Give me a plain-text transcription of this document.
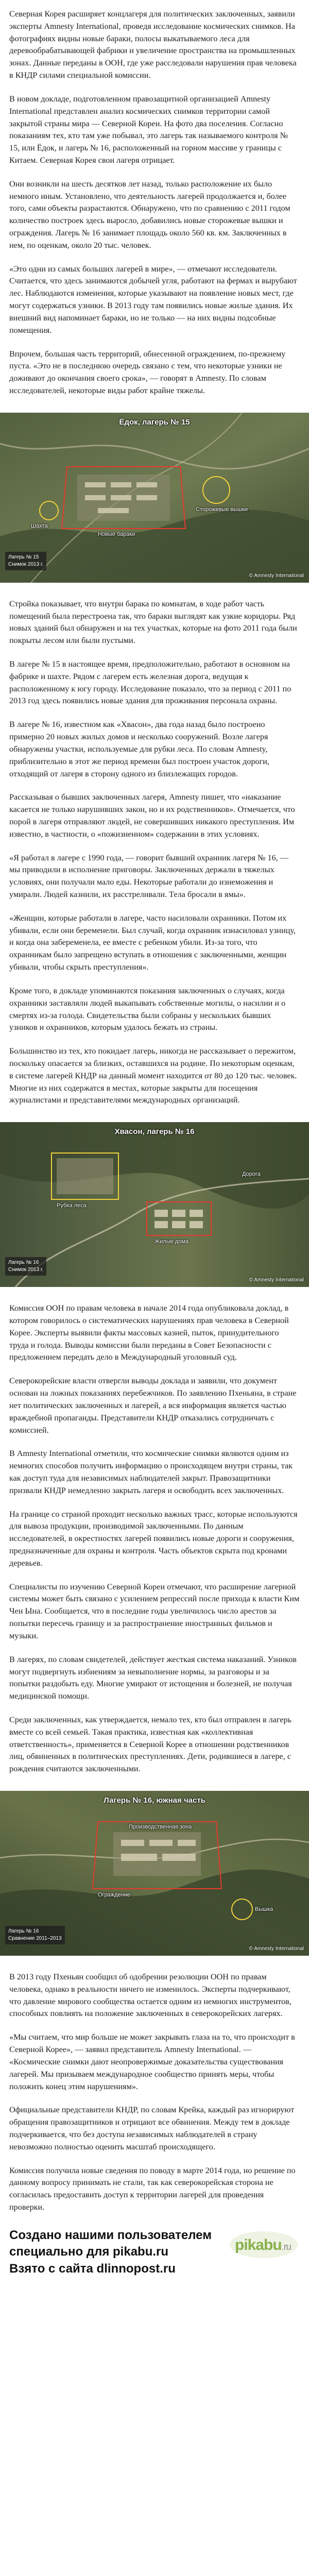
Северная Корея расширяет концлагеря для политических заключенных, заявили эксперты Amnesty International, проведя исследование космических снимков. На фотографиях видны новые бараки, полосы выкатываемого леса для деревообрабатывающей фабрики и увеличение пространства на промышленных зонах. Данные переданы в ООН, где уже расследовали нарушения прав человека в КНДР силами специальной комиссии.

В новом докладе, подготовленном правозащитной организацией Amnesty International представлен анализ космических снимков территории самой закрытой страны мира — Северной Кореи. На фото два поселения. Согласно показаниям тех, кто там уже побывал, это лагерь так называемого контроля № 15, или Ёдок, и лагерь № 16, расположенный на горном массиве у границы с Китаем. Северная Корея свои лагеря отрицает.

Они возникли на шесть десятков лет назад, только расположение их было немного иным. Установлено, что деятельность лагерей продолжается и, более того, сами объекты разрастаются. Обнаружено, что по сравнению с 2011 годом количество построек здесь выросло, добавились новые сторожевые вышки и ограждения. Лагерь № 16 занимает площадь около 560 кв. км. Заключенных в нем, по оценкам, около 20 тыс. человек.

«Это одни из самых больших лагерей в мире», — отмечают исследователи. Считается, что здесь занимаются добычей угля, работают на фермах и вырубают лес. Наблюдаются изменения, которые указывают на появление новых мест, где могут содержаться узники. В 2013 году там появились новые жилые здания. Их внешний вид напоминает бараки, но не только — на них видны подсобные помещения.

Впрочем, большая часть территорий, обнесенной ограждением, по-прежнему пуста. «Это не в последнюю очередь связано с тем, что некоторые узники не доживают до окончания своего срока», — говорят в Amnesty. По словам исследователей, некоторые виды работ крайне тяжелы.

Ёдок, лагерь № 15
Сторожевые вышки
Новые бараки
Шахта
Лагерь № 15
Снимок 2013 г.
© Amnesty International

Стройка показывает, что внутри барака по комнатам, в ходе работ часть помещений была перестроена так, что бараки выглядят как узкие коридоры. Ряд новых зданий был обнаружен и на тех участках, которые на фото 2011 года были покрыты лесом или были пустыми.

В лагере № 15 в настоящее время, предположительно, работают в основном на фабрике и шахте. Рядом с лагерем есть железная дорога, ведущая к расположенному к югу городу. Исследование показало, что за период с 2011 по 2013 год здесь появились новые здания для проживания персонала охраны.

В лагере № 16, известном как «Хвасон», два года назад было построено примерно 20 новых жилых домов и несколько сооружений. Возле лагеря обнаружены участки, используемые для рубки леса. По словам Amnesty, приблизительно в этот же период времени был построен участок дороги, отходящий от лагеря в сторону одного из близлежащих городов.

Рассказывая о бывших заключенных лагеря, Amnesty пишет, что «наказание касается не только нарушивших закон, но и их родственников». Отмечается, что порой в лагеря отправляют людей, не совершивших никакого преступления. Им известно, в частности, о «пожизненном» содержании в этих условиях.

«Я работал в лагере с 1990 года, — говорит бывший охранник лагеря № 16, — мы приводили в исполнение приговоры. Заключенных держали в тяжелых условиях, они получали мало еды. Некоторые работали до изнеможения и умирали. Людей казнили, их расстреливали. Тела бросали в ямы».

«Женщин, которые работали в лагере, часто насиловали охранники. Потом их убивали, если они беременели. Был случай, когда охранник изнасиловал узницу, и когда она забеременела, ее вместе с ребенком убили. Из-за того, что охранникам было запрещено вступать в отношения с заключенными, женщин убивали, чтобы скрыть преступления».

Кроме того, в докладе упоминаются показания заключенных о случаях, когда охранники заставляли людей выкапывать собственные могилы, о насилии и о смертях из-за голода. Свидетельства были собраны у нескольких бывших узников и охранников, которым удалось бежать из страны.

Большинство из тех, кто покидает лагерь, никогда не рассказывает о пережитом, поскольку опасается за близких, оставшихся на родине. По некоторым оценкам, в системе лагерей КНДР на данный момент находится от 80 до 120 тыс. человек. Многие из них содержатся в местах, которые закрыты для посещения журналистами и представителями международных организаций.

Хвасон, лагерь № 16
Жилые дома
Рубка леса
Дорога
Лагерь № 16
Снимок 2013 г.
© Amnesty International

Комиссия ООН по правам человека в начале 2014 года опубликовала доклад, в котором говорилось о систематических нарушениях прав человека в Северной Корее. Эксперты выявили факты массовых казней, пыток, принудительного труда и голода. Выводы комиссии были переданы в Совет Безопасности с предложением передать дело в Международный уголовный суд.

Северокорейские власти отвергли выводы доклада и заявили, что документ основан на ложных показаниях перебежчиков. По заявлению Пхеньяна, в стране нет политических заключенных и лагерей, а вся информация является частью враждебной пропаганды. Представители КНДР отказались сотрудничать с комиссией.

В Amnesty International отметили, что космические снимки являются одним из немногих способов получить информацию о происходящем внутри страны, так как доступ туда для независимых наблюдателей закрыт. Правозащитники призвали КНДР немедленно закрыть лагеря и освободить всех заключенных.

На границе со страной проходит несколько важных трасс, которые используются для вывоза продукции, производимой заключенными. По данным исследователей, в окрестностях лагерей появились новые дороги и сооружения, предназначенные для охраны и контроля. Часть объектов скрыта под кронами деревьев.

Специалисты по изучению Северной Кореи отмечают, что расширение лагерной системы может быть связано с усилением репрессий после прихода к власти Ким Чен Ына. Сообщается, что в последние годы увеличилось число арестов за попытки пересечь границу и за распространение иностранных фильмов и музыки.

В лагерях, по словам свидетелей, действует жесткая система наказаний. Узников могут подвергнуть избиениям за невыполнение нормы, за разговоры и за попытки раздобыть еду. Многие умирают от истощения и болезней, не получая медицинской помощи.

Среди заключенных, как утверждается, немало тех, кто был отправлен в лагерь вместе со всей семьей. Такая практика, известная как «коллективная ответственность», применяется в Северной Корее в отношении родственников лиц, обвиненных в политических преступлениях. Дети, родившиеся в лагере, с рождения считаются заключенными.

Лагерь № 16, южная часть
Ограждение
Производственная зона
Вышка
Лагерь № 16
Сравнение 2011–2013
© Amnesty International

В 2013 году Пхеньян сообщил об одобрении резолюции ООН по правам человека, однако в реальности ничего не изменилось. Эксперты подчеркивают, что давление мирового сообщества остается одним из немногих инструментов, способных повлиять на положение заключенных в северокорейских лагерях.

«Мы считаем, что мир больше не может закрывать глаза на то, что происходит в Северной Корее», — заявил представитель Amnesty International. — «Космические снимки дают неопровержимые доказательства существования лагерей. Мы призываем международное сообщество принять меры, чтобы положить конец этим нарушениям».

Официальные представители КНДР, по словам Крейка, каждый раз игнорируют обращения правозащитников и отрицают все обвинения. Между тем в докладе подчеркивается, что без доступа независимых наблюдателей в страну невозможно полностью оценить масштаб происходящего.

Комиссия получила новые сведения по поводу в марте 2014 года, но решение по данному вопросу принимать не стали, так как северокорейская сторона не согласилась предоставить доступ к территории лагерей для проведения проверки.

Создано нашими пользователем
специально для pikabu.ru
Взято с сайта dlinnopost.ru
pikabu.ru
